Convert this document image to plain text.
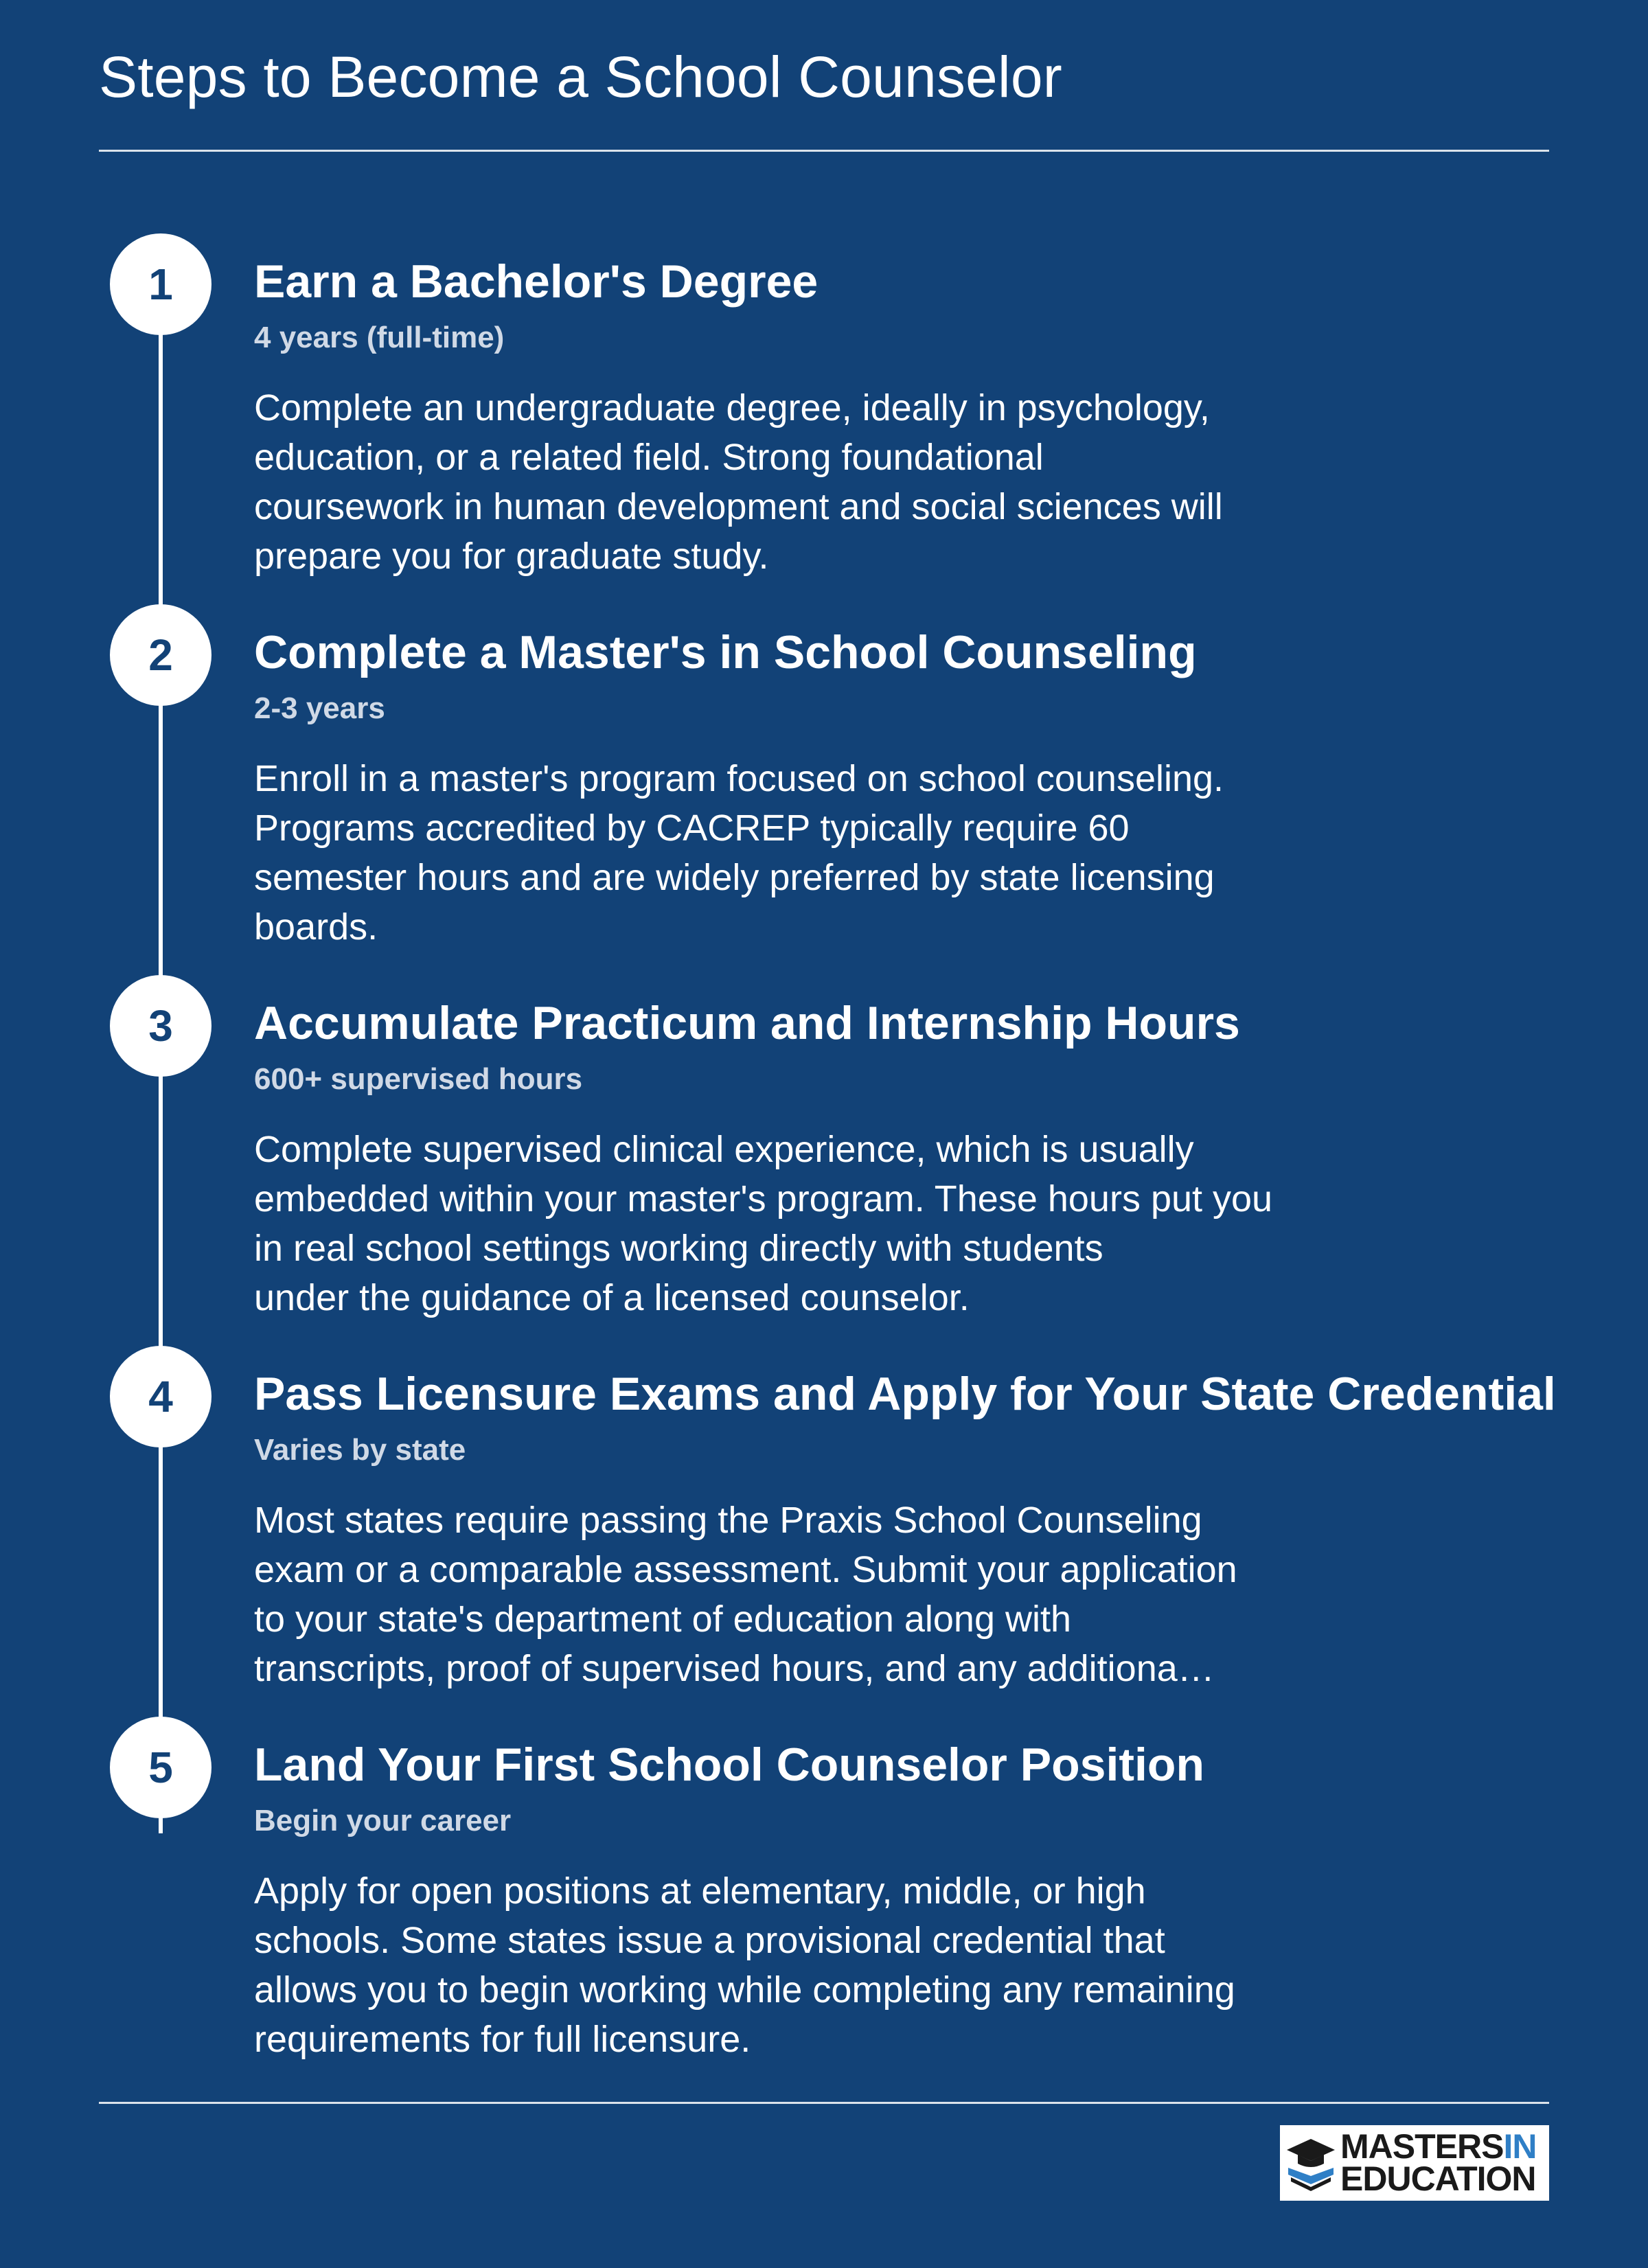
Steps to Become a School Counselor
1	Earn a Bachelor's Degree
4 years (full-time)
Complete an undergraduate degree, ideally in psychology,
education, or a related field. Strong foundational
coursework in human development and social sciences will
prepare you for graduate study.
2	Complete a Master's in School Counseling
2-3 years
Enroll in a master's program focused on school counseling.
Programs accredited by CACREP typically require 60
semester hours and are widely preferred by state licensing
boards.
3	Accumulate Practicum and Internship Hours
600+ supervised hours
Complete supervised clinical experience, which is usually
embedded within your master's program. These hours put you
in real school settings working directly with students
under the guidance of a licensed counselor.
4	Pass Licensure Exams and Apply for Your State Credential
Varies by state
Most states require passing the Praxis School Counseling
exam or a comparable assessment. Submit your application
to your state's department of education along with
transcripts, proof of supervised hours, and any additiona…
5	Land Your First School Counselor Position
Begin your career
Apply for open positions at elementary, middle, or high
schools. Some states issue a provisional credential that
allows you to begin working while completing any remaining
requirements for full licensure.
MASTERSIN
EDUCATION
